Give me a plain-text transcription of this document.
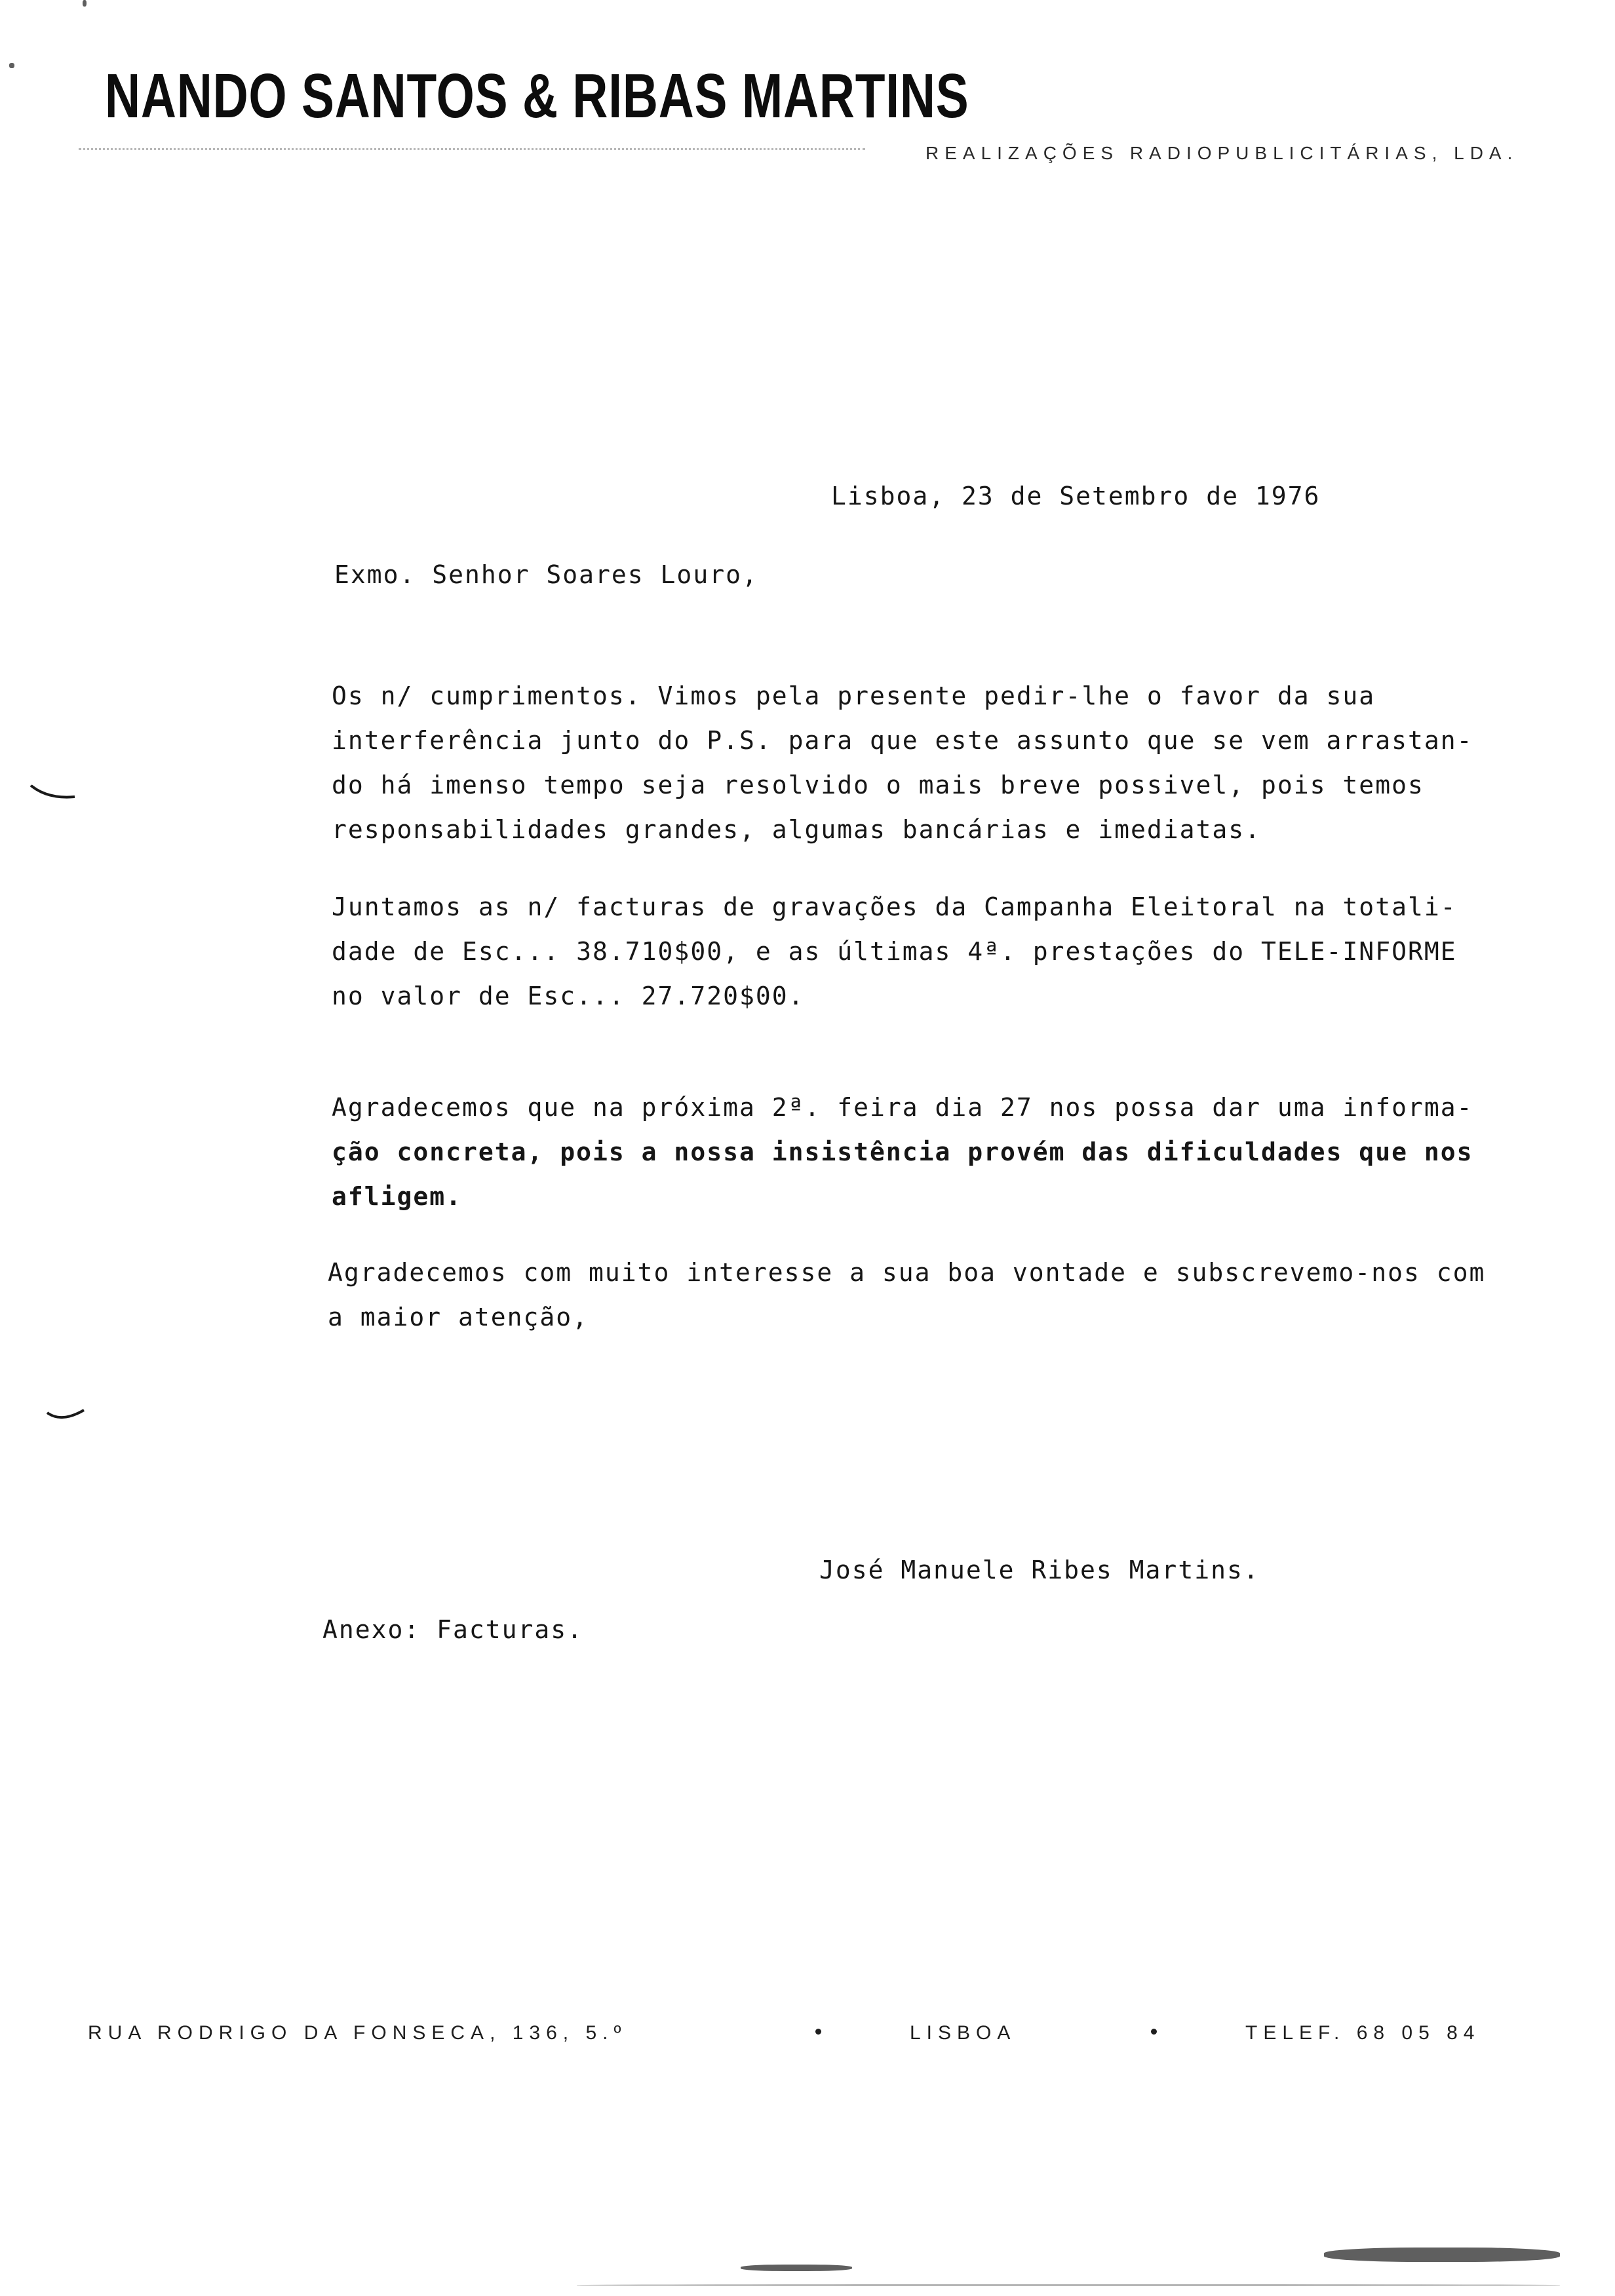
NANDO SANTOS & RIBAS MARTINS
REALIZAÇÕES RADIOPUBLICITÁRIAS, LDA.
Lisboa, 23 de Setembro de 1976
Exmo. Senhor Soares Louro,
Os n/ cumprimentos. Vimos pela presente pedir-lhe o favor da sua
interferência junto do P.S. para que este assunto que se vem arrastan-
do há imenso tempo seja resolvido o mais breve possivel, pois temos
responsabilidades grandes, algumas bancárias e imediatas.
Juntamos as n/ facturas de gravações da Campanha Eleitoral na totali-
dade de Esc... 38.710$00, e as últimas 4ª. prestações do TELE-INFORME
no valor de Esc... 27.720$00.
Agradecemos que na próxima 2ª. feira dia 27 nos possa dar uma informa-
ção concreta, pois a nossa insistência provém das dificuldades que nos
afligem.
Agradecemos com muito interesse a sua boa vontade e subscrevemo-nos com
a maior atenção,
José Manuele Ribes Martins.
Anexo: Facturas.
RUA RODRIGO DA FONSECA, 136, 5.º	LISBOA	TELEF. 68 05 84
